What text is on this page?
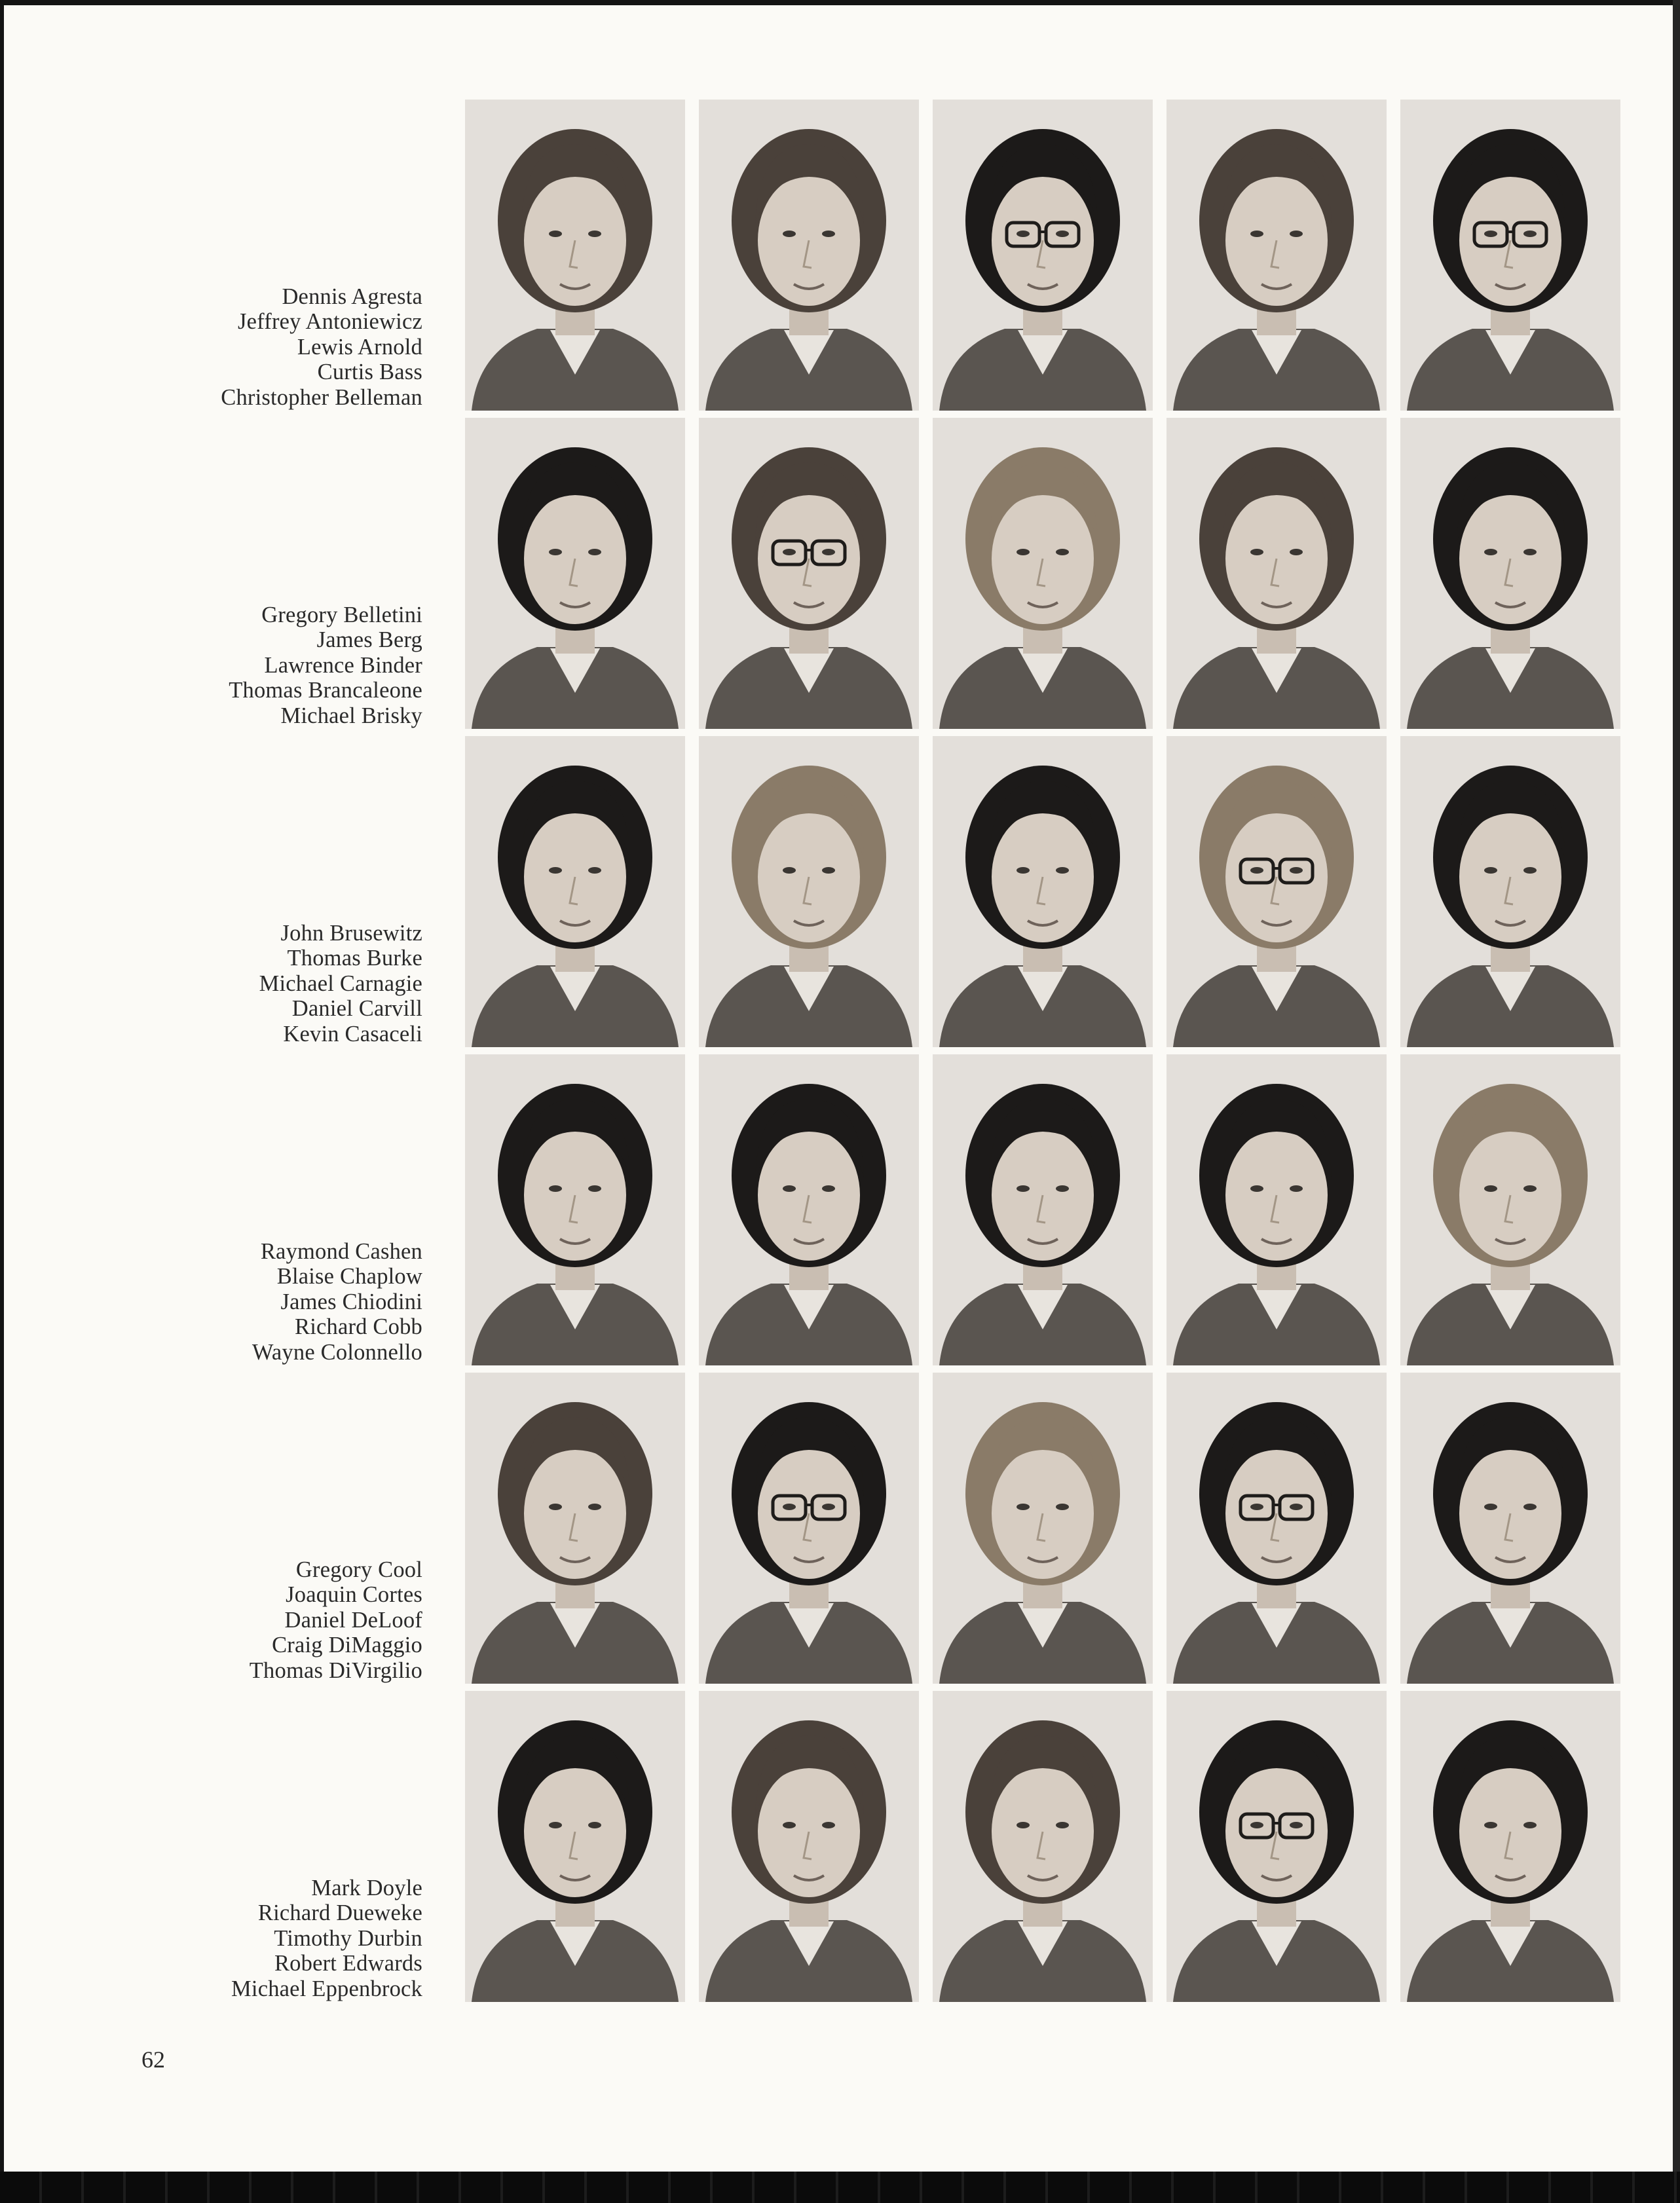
Dennis Agresta
Jeffrey Antoniewicz
Lewis Arnold
Curtis Bass
Christopher Belleman
Gregory Belletini
James Berg
Lawrence Binder
Thomas Brancaleone
Michael Brisky
John Brusewitz
Thomas Burke
Michael Carnagie
Daniel Carvill
Kevin Casaceli
Raymond Cashen
Blaise Chaplow
James Chiodini
Richard Cobb
Wayne Colonnello
Gregory Cool
Joaquin Cortes
Daniel DeLoof
Craig DiMaggio
Thomas DiVirgilio
Mark Doyle
Richard Dueweke
Timothy Durbin
Robert Edwards
Michael Eppenbrock
62
